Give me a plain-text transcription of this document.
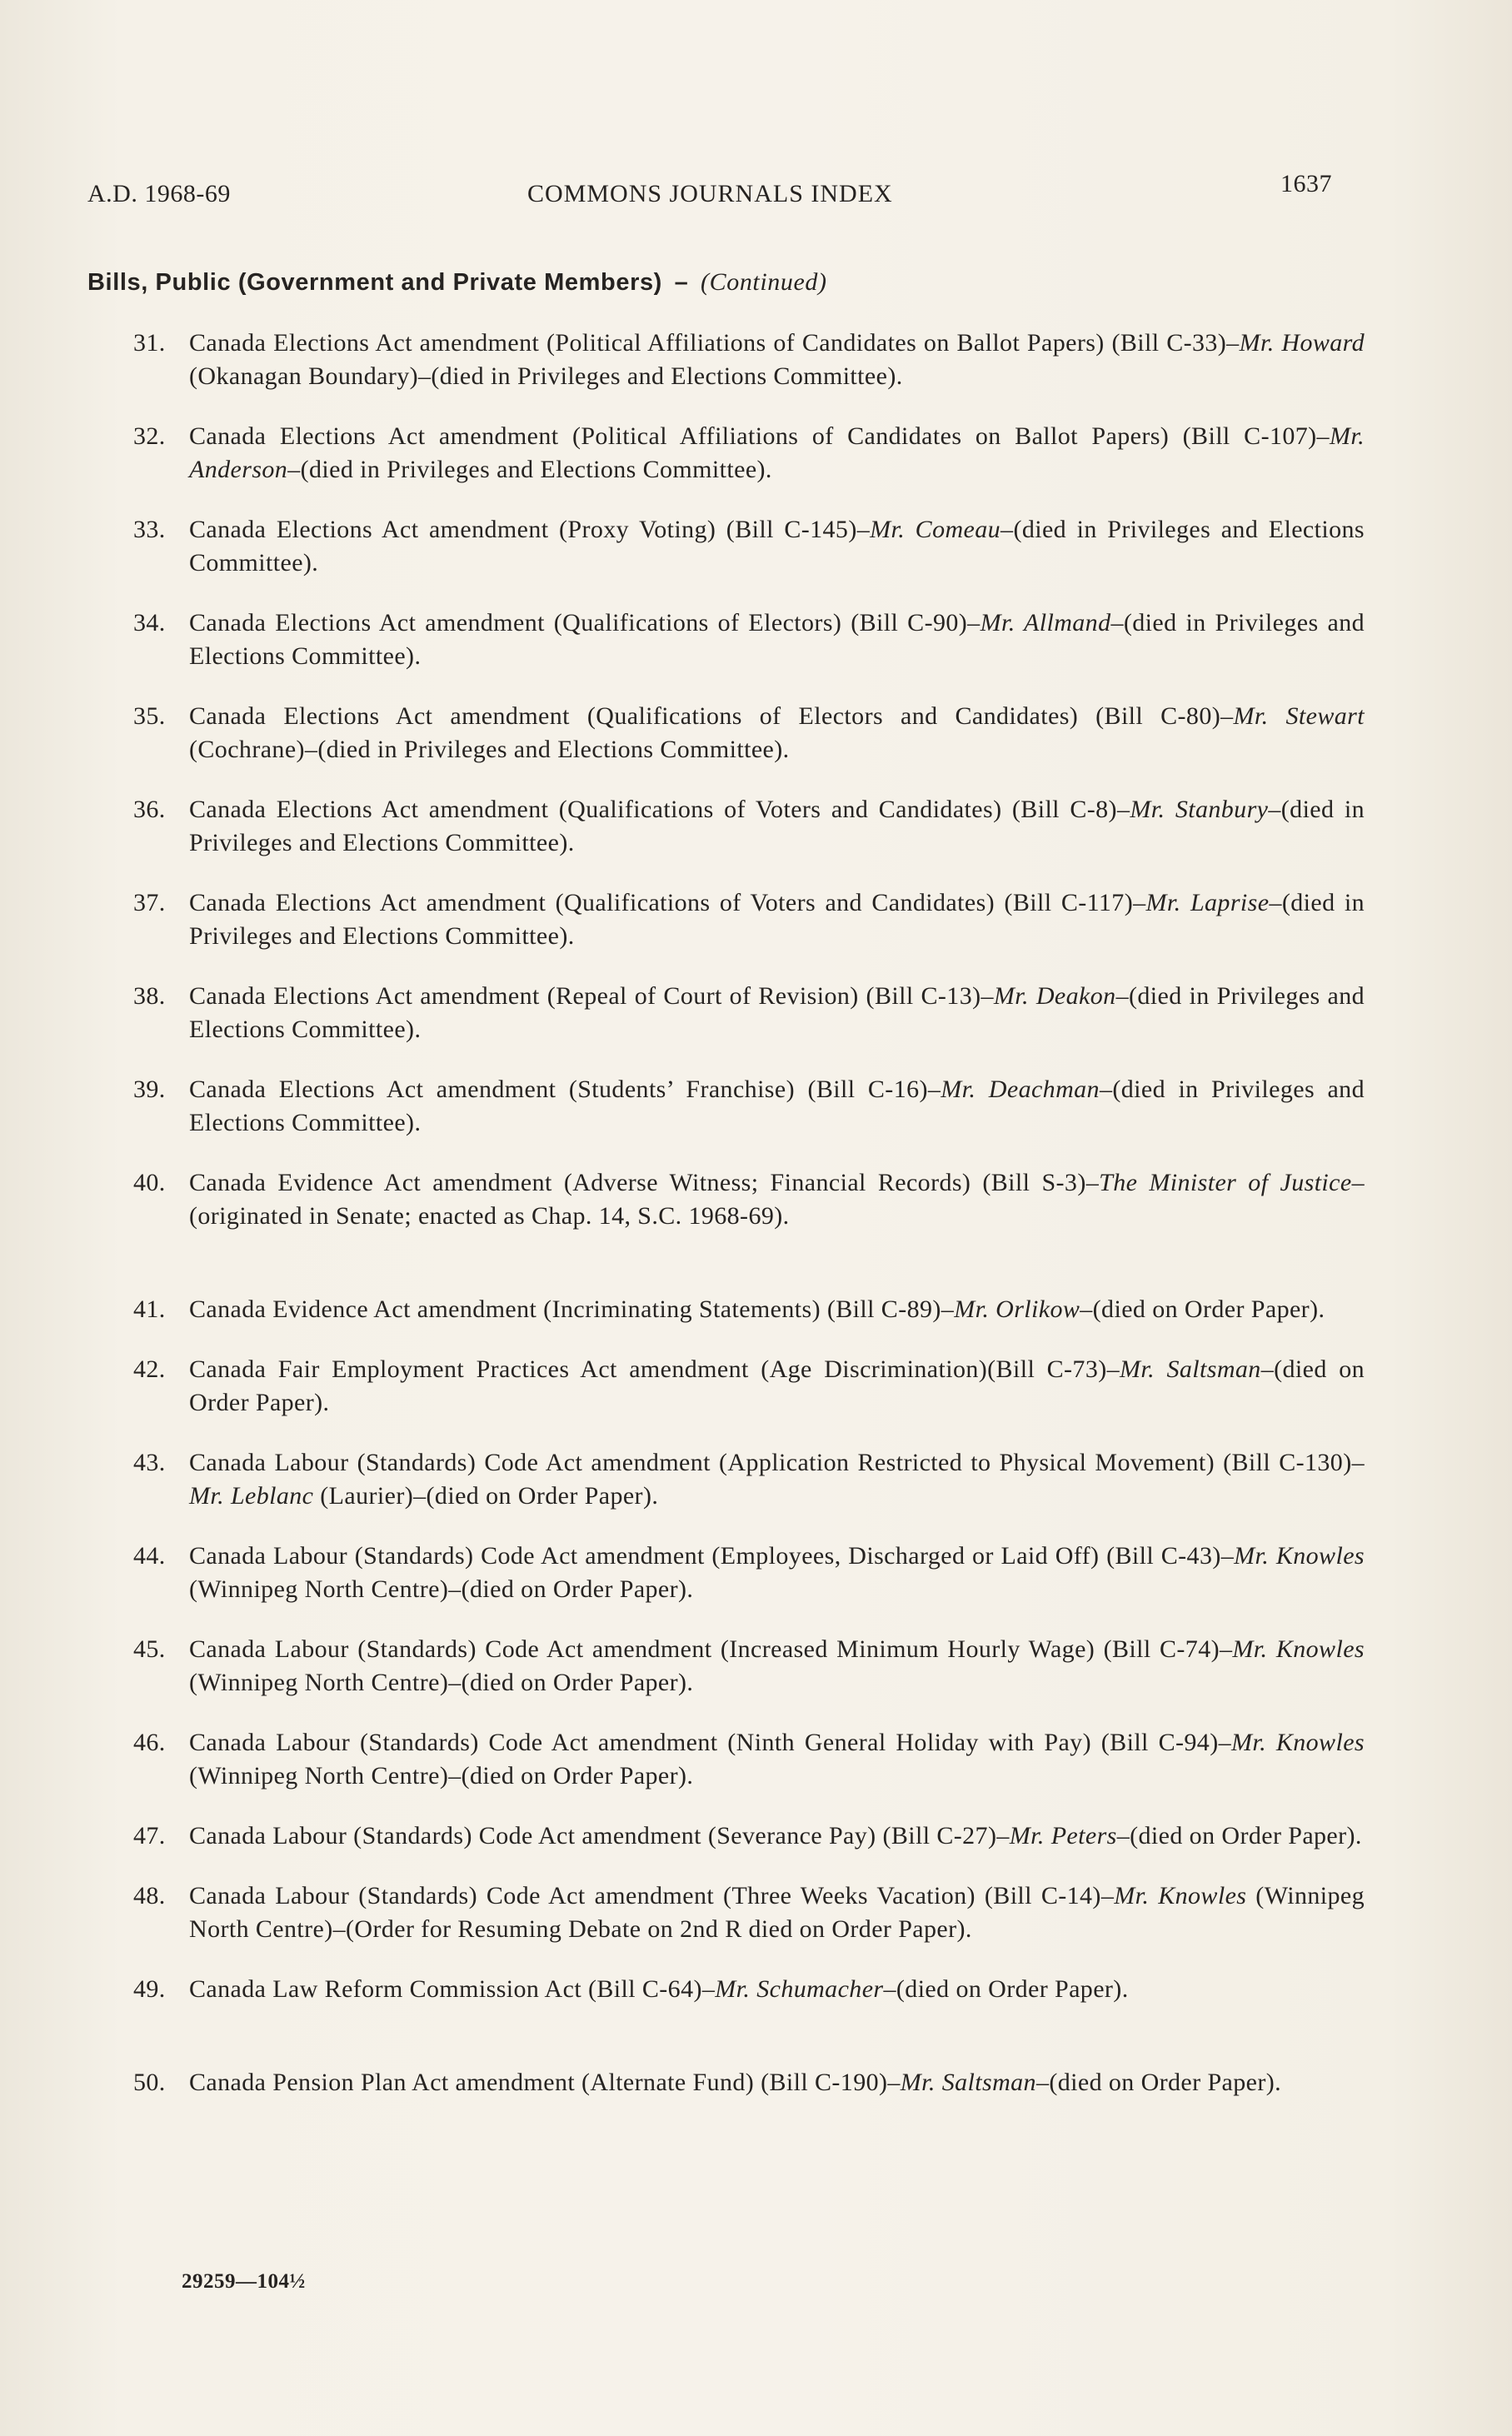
A.D. 1968-69	COMMONS JOURNALS INDEX	1637
Bills, Public (Government and Private Members) – (Continued)
31. Canada Elections Act amendment (Political Affiliations of Candidates on Ballot Papers) (Bill C-33)–Mr. Howard (Okanagan Boundary)–(died in Privileges and Elections Committee).
32. Canada Elections Act amendment (Political Affiliations of Candidates on Ballot Papers) (Bill C-107)–Mr. Anderson–(died in Privileges and Elections Committee).
33. Canada Elections Act amendment (Proxy Voting) (Bill C-145)–Mr. Comeau–(died in Privileges and Elections Committee).
34. Canada Elections Act amendment (Qualifications of Electors) (Bill C-90)–Mr. Allmand–(died in Privileges and Elections Committee).
35. Canada Elections Act amendment (Qualifications of Electors and Candidates) (Bill C-80)–Mr. Stewart (Cochrane)–(died in Privileges and Elections Committee).
36. Canada Elections Act amendment (Qualifications of Voters and Candidates) (Bill C-8)–Mr. Stanbury–(died in Privileges and Elections Committee).
37. Canada Elections Act amendment (Qualifications of Voters and Candidates) (Bill C-117)–Mr. Laprise–(died in Privileges and Elections Committee).
38. Canada Elections Act amendment (Repeal of Court of Revision) (Bill C-13)–Mr. Deakon–(died in Privileges and Elections Committee).
39. Canada Elections Act amendment (Students’ Franchise) (Bill C-16)–Mr. Deachman–(died in Privileges and Elections Committee).
40. Canada Evidence Act amendment (Adverse Witness; Financial Records) (Bill S-3)–The Minister of Justice–(originated in Senate; enacted as Chap. 14, S.C. 1968-69).
41. Canada Evidence Act amendment (Incriminating Statements) (Bill C-89)–Mr. Orlikow–(died on Order Paper).
42. Canada Fair Employment Practices Act amendment (Age Discrimination)(Bill C-73)–Mr. Saltsman–(died on Order Paper).
43. Canada Labour (Standards) Code Act amendment (Application Restricted to Physical Movement) (Bill C-130)–Mr. Leblanc (Laurier)–(died on Order Paper).
44. Canada Labour (Standards) Code Act amendment (Employees, Discharged or Laid Off) (Bill C-43)–Mr. Knowles (Winnipeg North Centre)–(died on Order Paper).
45. Canada Labour (Standards) Code Act amendment (Increased Minimum Hourly Wage) (Bill C-74)–Mr. Knowles (Winnipeg North Centre)–(died on Order Paper).
46. Canada Labour (Standards) Code Act amendment (Ninth General Holiday with Pay) (Bill C-94)–Mr. Knowles (Winnipeg North Centre)–(died on Order Paper).
47. Canada Labour (Standards) Code Act amendment (Severance Pay) (Bill C-27)–Mr. Peters–(died on Order Paper).
48. Canada Labour (Standards) Code Act amendment (Three Weeks Vacation) (Bill C-14)–Mr. Knowles (Winnipeg North Centre)–(Order for Resuming Debate on 2nd R died on Order Paper).
49. Canada Law Reform Commission Act (Bill C-64)–Mr. Schumacher–(died on Order Paper).
50. Canada Pension Plan Act amendment (Alternate Fund) (Bill C-190)–Mr. Saltsman–(died on Order Paper).
29259—104½
